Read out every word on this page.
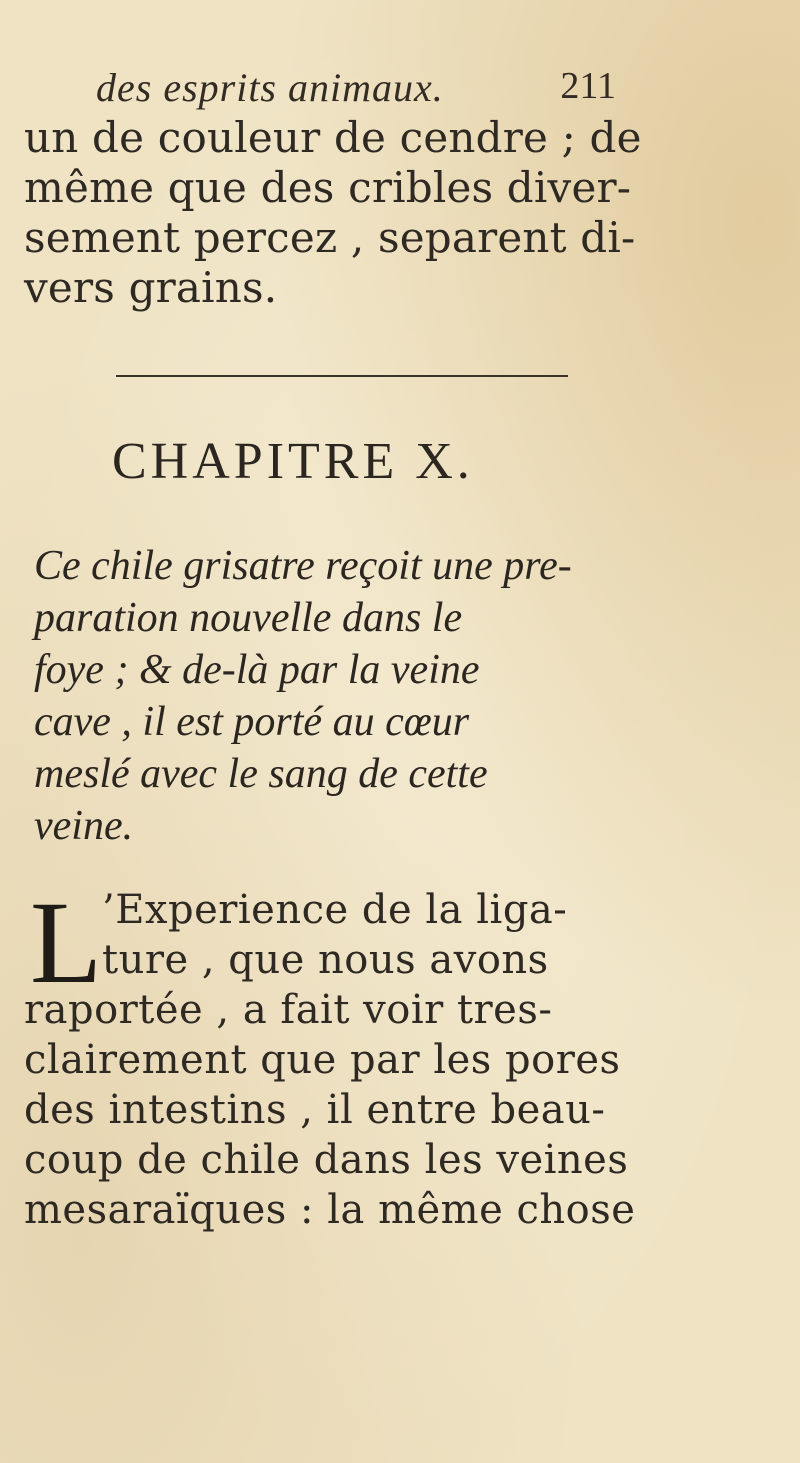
des esprits animaux.	211
un de couleur de cendre ; de
même que des cribles diver-
sement percez , separent di-
vers grains.
CHAPITRE X.
Ce chile grisatre reçoit une pre-
paration nouvelle dans le
foye ; & de-là par la veine
cave , il est porté au cœur
meslé avec le sang de cette
veine.
L ’Experience de la liga-
ture , que nous avons
raportée , a fait voir tres-
clairement que par les pores
des intestins , il entre beau-
coup de chile dans les veines
mesaraïques : la même chose
